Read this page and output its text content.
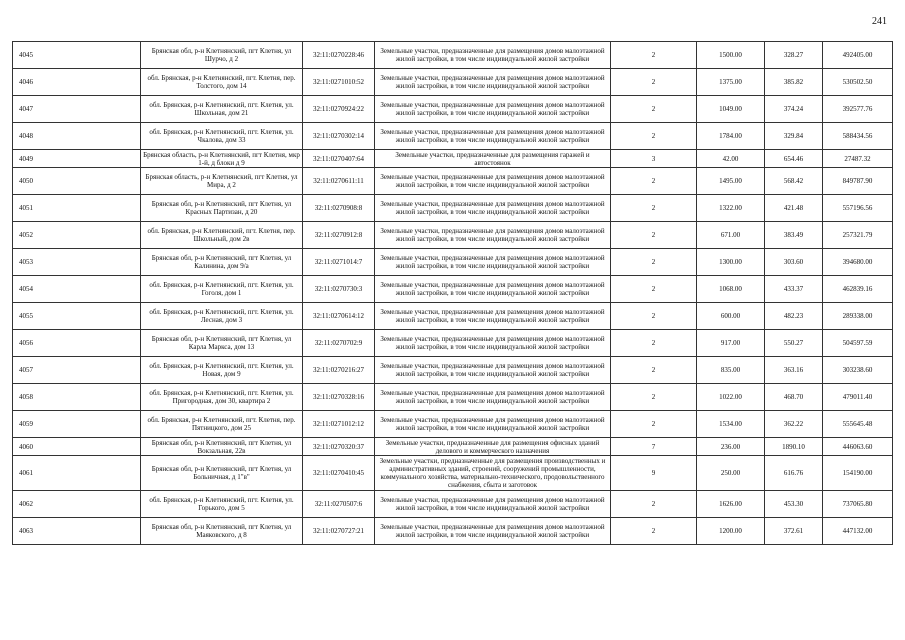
241
4045	Брянская обл, р-н Клетнянский, пгт Клетня, ул Шурчо, д 2	32:11:0270228:46	Земельные участки, предназначенные для размещения домов малоэтажной жилой застройки, в том числе индивидуальной жилой застройки	2	1500.00	328.27	492405.00
4046	обл. Брянская, р-н Клетнянский, пгт. Клетня, пер. Толстого, дом 14	32:11:0271010:52	Земельные участки, предназначенные для размещения домов малоэтажной жилой застройки, в том числе индивидуальной жилой застройки	2	1375.00	385.82	530502.50
4047	обл. Брянская, р-н Клетнянский, пгт. Клетня, ул. Школьная, дом 21	32:11:0270924:22	Земельные участки, предназначенные для размещения домов малоэтажной жилой застройки, в том числе индивидуальной жилой застройки	2	1049.00	374.24	392577.76
4048	обл. Брянская, р-н Клетнянский, пгт. Клетня, ул. Чкалова, дом 33	32:11:0270302:14	Земельные участки, предназначенные для размещения домов малоэтажной жилой застройки, в том числе индивидуальной жилой застройки	2	1784.00	329.84	588434.56
4049	Брянская область, р-н Клетнянский, пгт Клетня, мкр 1-й, д блоки д 9	32:11:0270407:64	Земельные участки, предназначенные для размещения гаражей и автостоянок	3	42.00	654.46	27487.32
4050	Брянская область, р-н Клетнянский, пгт Клетня, ул Мира, д 2	32:11:0270611:11	Земельные участки, предназначенные для размещения домов малоэтажной жилой застройки, в том числе индивидуальной жилой застройки	2	1495.00	568.42	849787.90
4051	Брянская обл, р-н Клетнянский, пгт Клетня, ул Красных Партизан, д 20	32:11:0270908:8	Земельные участки, предназначенные для размещения домов малоэтажной жилой застройки, в том числе индивидуальной жилой застройки	2	1322.00	421.48	557196.56
4052	обл. Брянская, р-н Клетнянский, пгт. Клетня, пер. Школьный, дом 2в	32:11:0270912:8	Земельные участки, предназначенные для размещения домов малоэтажной жилой застройки, в том числе индивидуальной жилой застройки	2	671.00	383.49	257321.79
4053	Брянская обл, р-н Клетнянский, пгт Клетня, ул Калинина, дом 9/а	32:11:0271014:7	Земельные участки, предназначенные для размещения домов малоэтажной жилой застройки, в том числе индивидуальной жилой застройки	2	1300.00	303.60	394680.00
4054	обл. Брянская, р-н Клетнянский, пгт. Клетня, ул. Гоголя, дом 1	32:11:0270730:3	Земельные участки, предназначенные для размещения домов малоэтажной жилой застройки, в том числе индивидуальной жилой застройки	2	1068.00	433.37	462839.16
4055	обл. Брянская, р-н Клетнянский, пгт. Клетня, ул. Лесная, дом 3	32:11:0270614:12	Земельные участки, предназначенные для размещения домов малоэтажной жилой застройки, в том числе индивидуальной жилой застройки	2	600.00	482.23	289338.00
4056	Брянская обл, р-н Клетнянский, пгт Клетня, ул Карла Маркса, дом 13	32:11:0270702:9	Земельные участки, предназначенные для размещения домов малоэтажной жилой застройки, в том числе индивидуальной жилой застройки	2	917.00	550.27	504597.59
4057	обл. Брянская, р-н Клетнянский, пгт. Клетня, ул. Новая, дом 9	32:11:0270216:27	Земельные участки, предназначенные для размещения домов малоэтажной жилой застройки, в том числе индивидуальной жилой застройки	2	835.00	363.16	303238.60
4058	обл. Брянская, р-н Клетнянский, пгт. Клетня, ул. Пригородная, дом 30, квартира 2	32:11:0270328:16	Земельные участки, предназначенные для размещения домов малоэтажной жилой застройки, в том числе индивидуальной жилой застройки	2	1022.00	468.70	479011.40
4059	обл. Брянская, р-н Клетнянский, пгт. Клетня, пер. Пятницкого, дом 25	32:11:0271012:12	Земельные участки, предназначенные для размещения домов малоэтажной жилой застройки, в том числе индивидуальной жилой застройки	2	1534.00	362.22	555645.48
4060	Брянская обл, р-н Клетнянский, пгт Клетня, ул Вокзальная, 22в	32:11:0270320:37	Земельные участки, предназначенные для размещения офисных зданий делового и коммерческого назначения	7	236.00	1890.10	446063.60
4061	Брянская обл, р-н Клетнянский, пгт Клетня, ул Больничная, д 1"в"	32:11:0270410:45	Земельные участки, предназначенные для размещения производственных и административных зданий, строений, сооружений промышленности, коммунального хозяйства, материально-технического, продовольственного снабжения, сбыта и заготовок	9	250.00	616.76	154190.00
4062	обл. Брянская, р-н Клетнянский, пгт. Клетня, ул. Горького, дом 5	32:11:0270507:6	Земельные участки, предназначенные для размещения домов малоэтажной жилой застройки, в том числе индивидуальной жилой застройки	2	1626.00	453.30	737065.80
4063	Брянская обл, р-н Клетнянский, пгт Клетня, ул Маяковского, д 8	32:11:0270727:21	Земельные участки, предназначенные для размещения домов малоэтажной жилой застройки, в том числе индивидуальной жилой застройки	2	1200.00	372.61	447132.00
